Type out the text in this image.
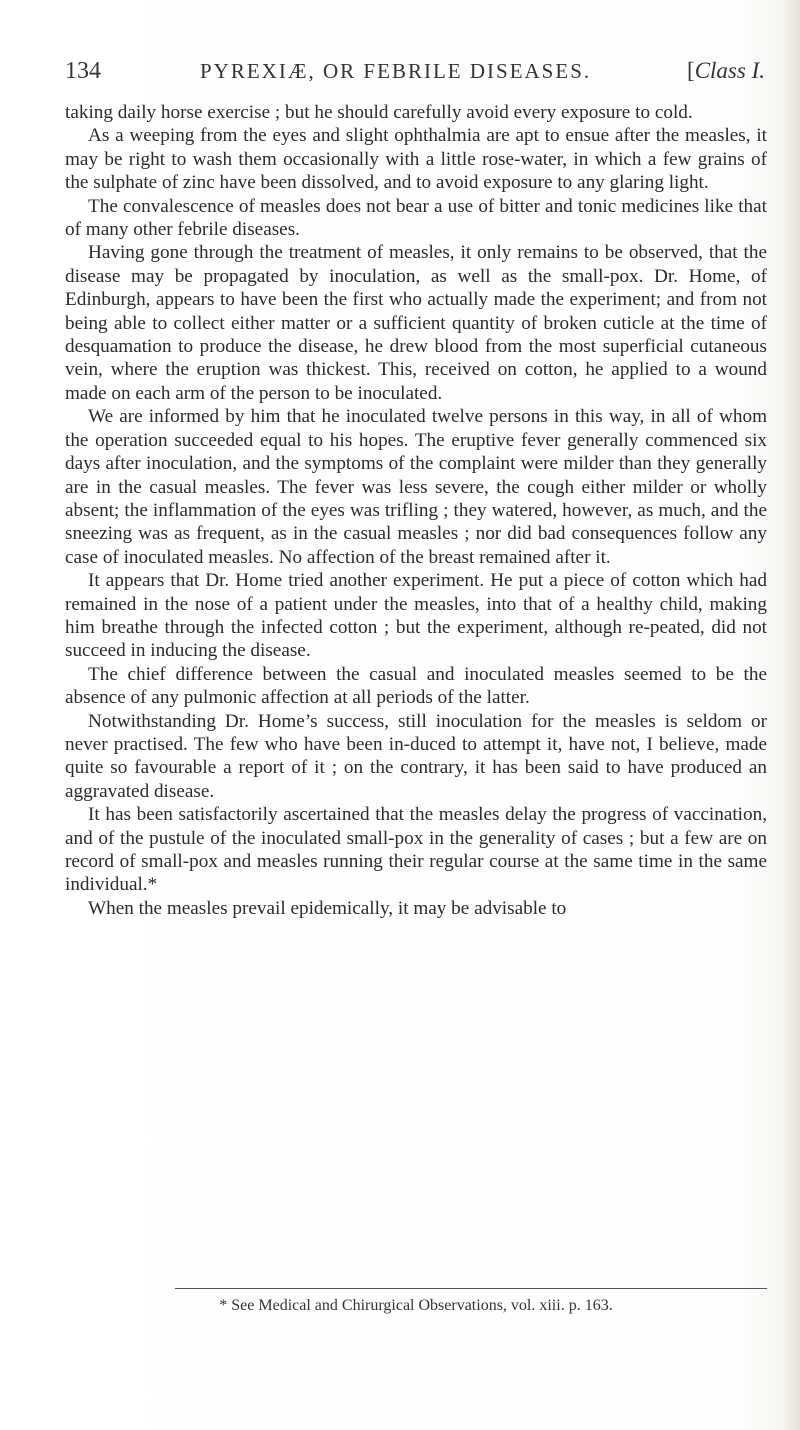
134	PYREXIÆ, OR FEBRILE DISEASES.	[Class I.

taking daily horse exercise ; but he should carefully avoid every exposure to cold.

As a weeping from the eyes and slight ophthalmia are apt to ensue after the measles, it may be right to wash them occasionally with a little rose-water, in which a few grains of the sulphate of zinc have been dissolved, and to avoid exposure to any glaring light.

The convalescence of measles does not bear a use of bitter and tonic medicines like that of many other febrile diseases.

Having gone through the treatment of measles, it only remains to be observed, that the disease may be propagated by inoculation, as well as the small-pox. Dr. Home, of Edinburgh, appears to have been the first who actually made the experiment; and from not being able to collect either matter or a sufficient quantity of broken cuticle at the time of desquamation to produce the disease, he drew blood from the most superficial cutaneous vein, where the eruption was thickest. This, received on cotton, he applied to a wound made on each arm of the person to be inoculated.

We are informed by him that he inoculated twelve persons in this way, in all of whom the operation succeeded equal to his hopes. The eruptive fever generally commenced six days after inoculation, and the symptoms of the complaint were milder than they generally are in the casual measles. The fever was less severe, the cough either milder or wholly absent; the inflammation of the eyes was trifling ; they watered, however, as much, and the sneezing was as frequent, as in the casual measles ; nor did bad consequences follow any case of inoculated measles. No affection of the breast remained after it.

It appears that Dr. Home tried another experiment. He put a piece of cotton which had remained in the nose of a patient under the measles, into that of a healthy child, making him breathe through the infected cotton ; but the experiment, although re-peated, did not succeed in inducing the disease.

The chief difference between the casual and inoculated measles seemed to be the absence of any pulmonic affection at all periods of the latter.

Notwithstanding Dr. Home’s success, still inoculation for the measles is seldom or never practised. The few who have been in-duced to attempt it, have not, I believe, made quite so favourable a report of it ; on the contrary, it has been said to have produced an aggravated disease.

It has been satisfactorily ascertained that the measles delay the progress of vaccination, and of the pustule of the inoculated small-pox in the generality of cases ; but a few are on record of small-pox and measles running their regular course at the same time in the same individual.*

When the measles prevail epidemically, it may be advisable to

* See Medical and Chirurgical Observations, vol. xiii. p. 163.
